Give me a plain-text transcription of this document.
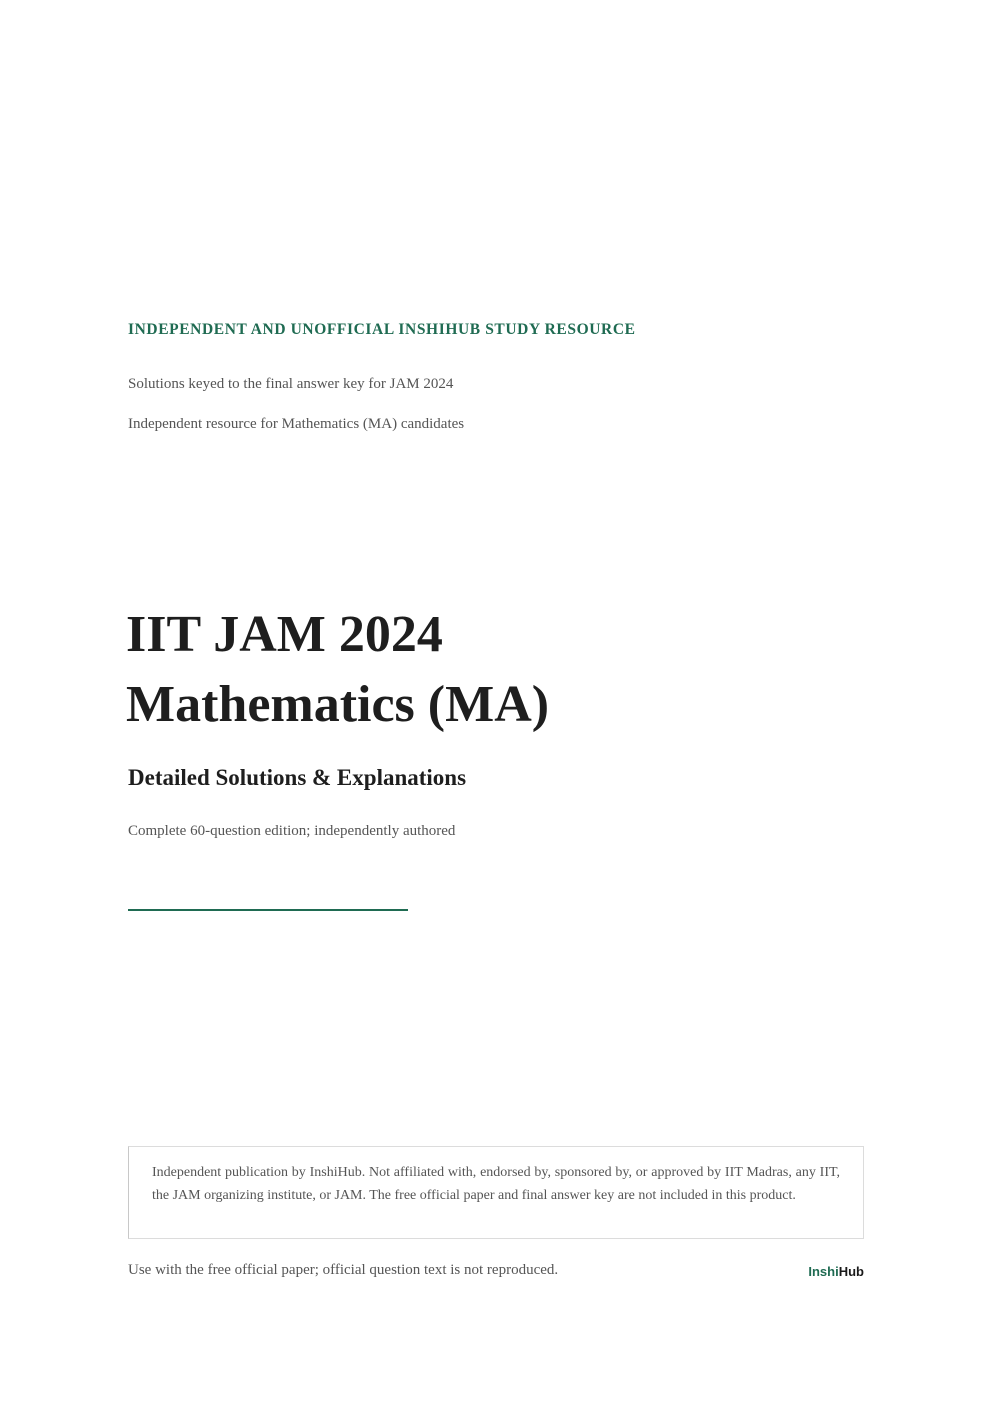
INDEPENDENT AND UNOFFICIAL INSHIHUB STUDY RESOURCE
Solutions keyed to the final answer key for JAM 2024
Independent resource for Mathematics (MA) candidates
IIT JAM 2024
Mathematics (MA)
Detailed Solutions & Explanations
Complete 60-question edition; independently authored
Independent publication by InshiHub. Not affiliated with, endorsed by, sponsored by, or approved by IIT Madras, any IIT, the JAM organizing institute, or JAM. The free official paper and final answer key are not included in this product.
Use with the free official paper; official question text is not reproduced.	InshiHub
